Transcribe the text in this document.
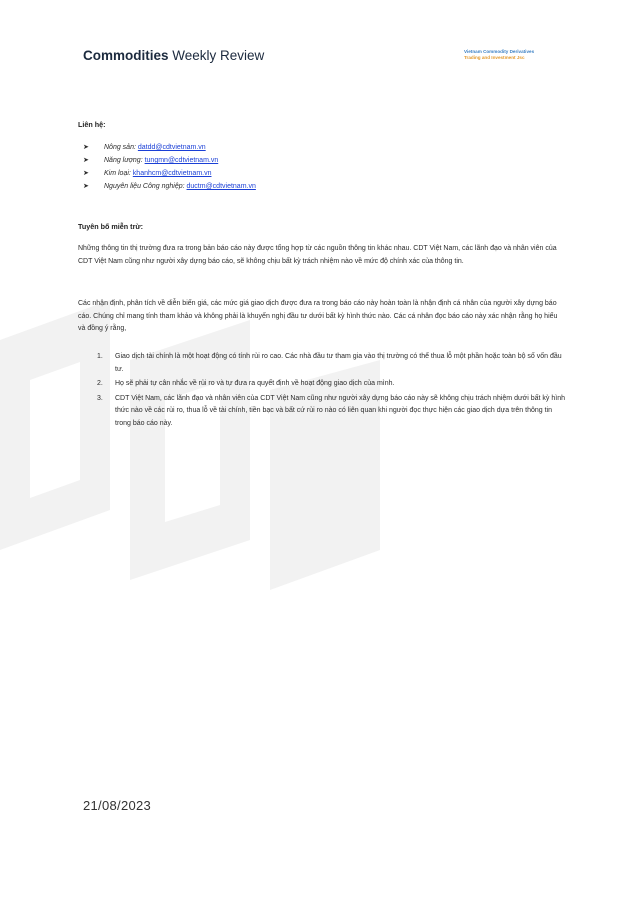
Commodities Weekly Review	Vietnam Commodity Derivatives
Trading and Investment Jsc

Liên hệ:

➤ Nông sản: datdd@cdtvietnam.vn
➤ Năng lượng: tungmn@cdtvietnam.vn
➤ Kim loại: khanhcm@cdtvietnam.vn
➤ Nguyên liệu Công nghiệp: ductm@cdtvietnam.vn

Tuyên bố miễn trừ:

Những thông tin thị trường đưa ra trong bản báo cáo này được tổng hợp từ các nguồn thông tin khác nhau. CDT Việt Nam, các lãnh đạo và nhân viên của CDT Việt Nam cũng như người xây dựng báo cáo, sẽ không chịu bất kỳ trách nhiệm nào về mức độ chính xác của thông tin.

Các nhận định, phân tích về diễn biến giá, các mức giá giao dịch được đưa ra trong báo cáo này hoàn toàn là nhận định cá nhân của người xây dựng báo cáo. Chúng chỉ mang tính tham khảo và không phải là khuyến nghị đầu tư dưới bất kỳ hình thức nào. Các cá nhân đọc báo cáo này xác nhận rằng họ hiểu và đồng ý rằng,

1. Giao dịch tài chính là một hoạt động có tính rủi ro cao. Các nhà đầu tư tham gia vào thị trường có thể thua lỗ một phần hoặc toàn bộ số vốn đầu tư.
2. Họ sẽ phải tự cân nhắc về rủi ro và tự đưa ra quyết định về hoạt động giao dịch của mình.
3. CDT Việt Nam, các lãnh đạo và nhân viên của CDT Việt Nam cũng như người xây dựng báo cáo này sẽ không chịu trách nhiệm dưới bất kỳ hình thức nào về các rủi ro, thua lỗ về tài chính, tiền bạc và bất cứ rủi ro nào có liên quan khi người đọc thực hiện các giao dịch dựa trên thông tin trong báo cáo này.
21/08/2023
